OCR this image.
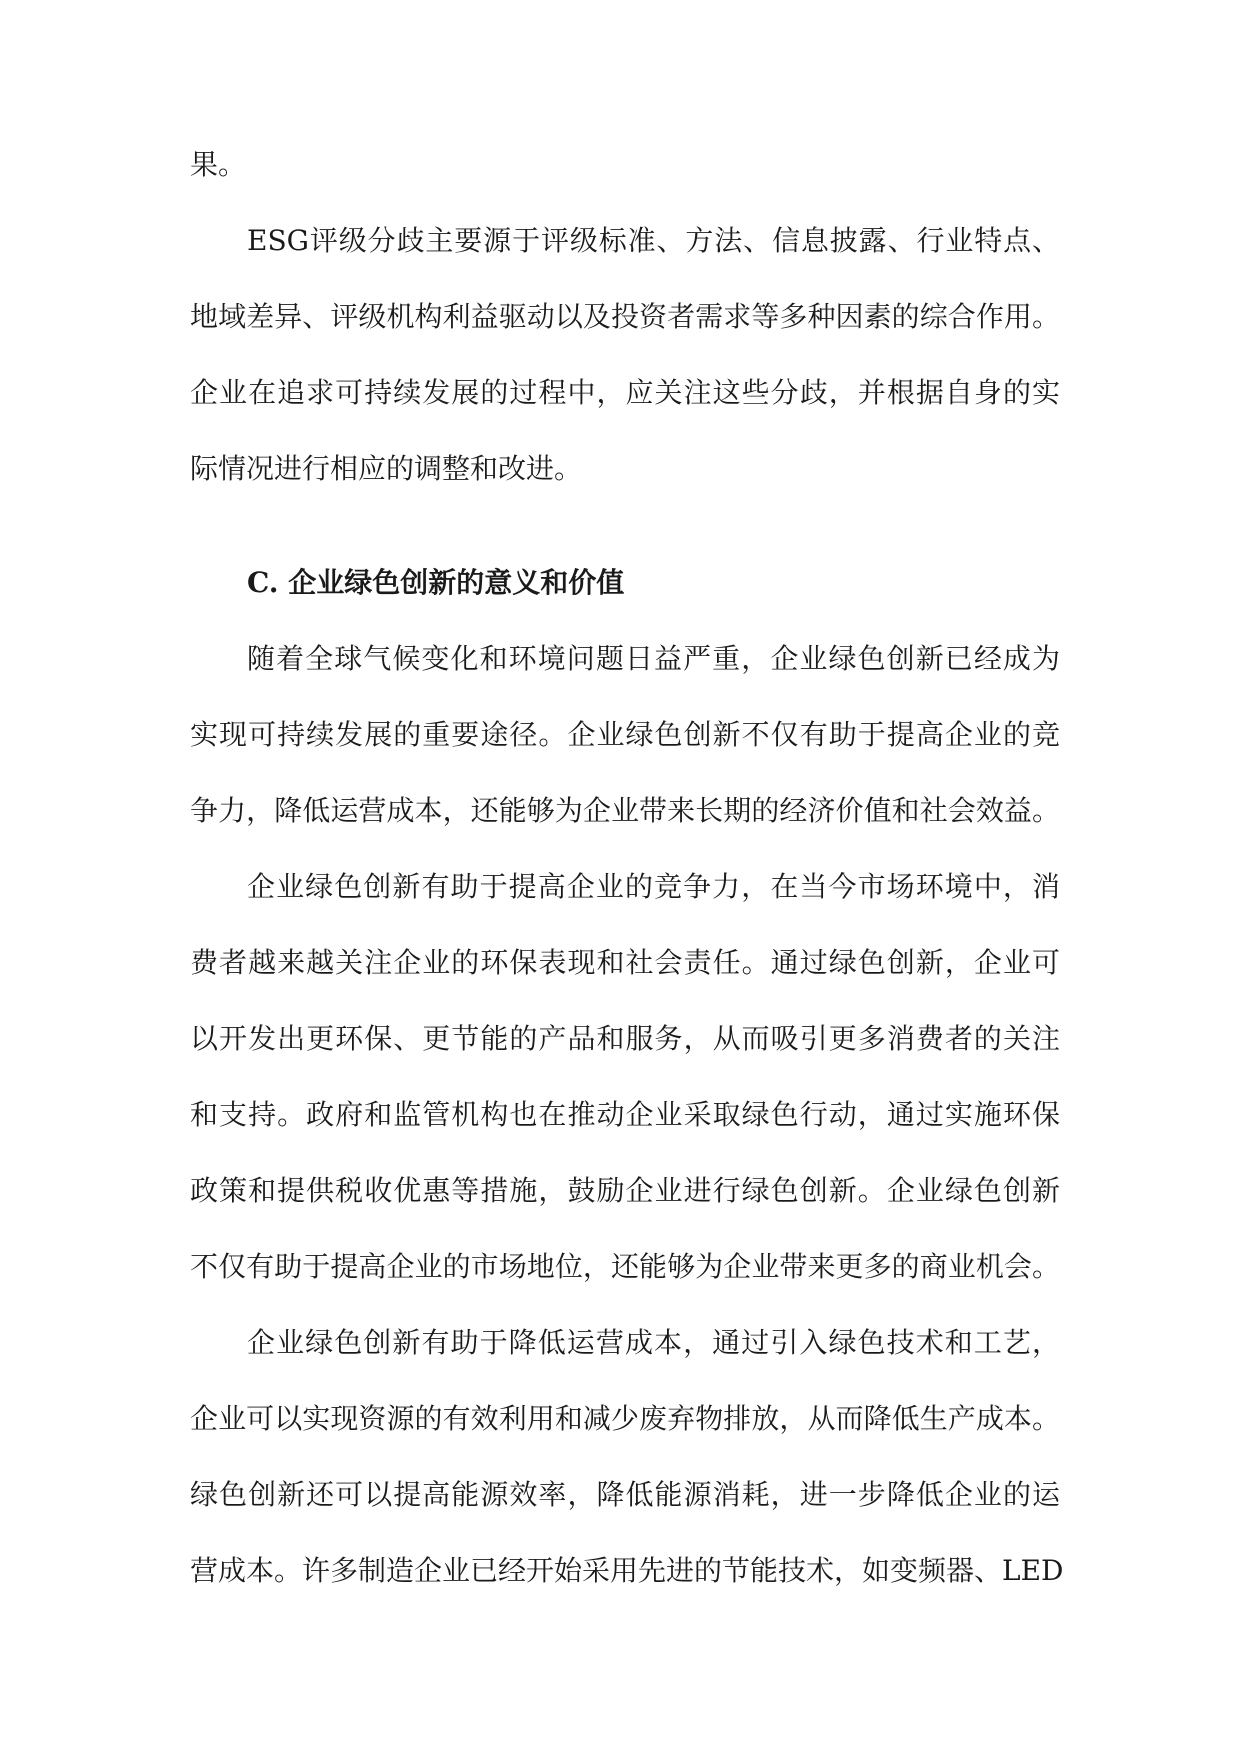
果。
ESG评级分歧主要源于评级标准、方法、信息披露、行业特点、
地域差异、评级机构利益驱动以及投资者需求等多种因素的综合作用。
企业在追求可持续发展的过程中，应关注这些分歧，并根据自身的实
际情况进行相应的调整和改进。
C. 企业绿色创新的意义和价值
随着全球气候变化和环境问题日益严重，企业绿色创新已经成为
实现可持续发展的重要途径。企业绿色创新不仅有助于提高企业的竞
争力，降低运营成本，还能够为企业带来长期的经济价值和社会效益。
企业绿色创新有助于提高企业的竞争力，在当今市场环境中，消
费者越来越关注企业的环保表现和社会责任。通过绿色创新，企业可
以开发出更环保、更节能的产品和服务，从而吸引更多消费者的关注
和支持。政府和监管机构也在推动企业采取绿色行动，通过实施环保
政策和提供税收优惠等措施，鼓励企业进行绿色创新。企业绿色创新
不仅有助于提高企业的市场地位，还能够为企业带来更多的商业机会。
企业绿色创新有助于降低运营成本，通过引入绿色技术和工艺，
企业可以实现资源的有效利用和减少废弃物排放，从而降低生产成本。
绿色创新还可以提高能源效率，降低能源消耗，进一步降低企业的运
营成本。许多制造企业已经开始采用先进的节能技术，如变频器、LED
